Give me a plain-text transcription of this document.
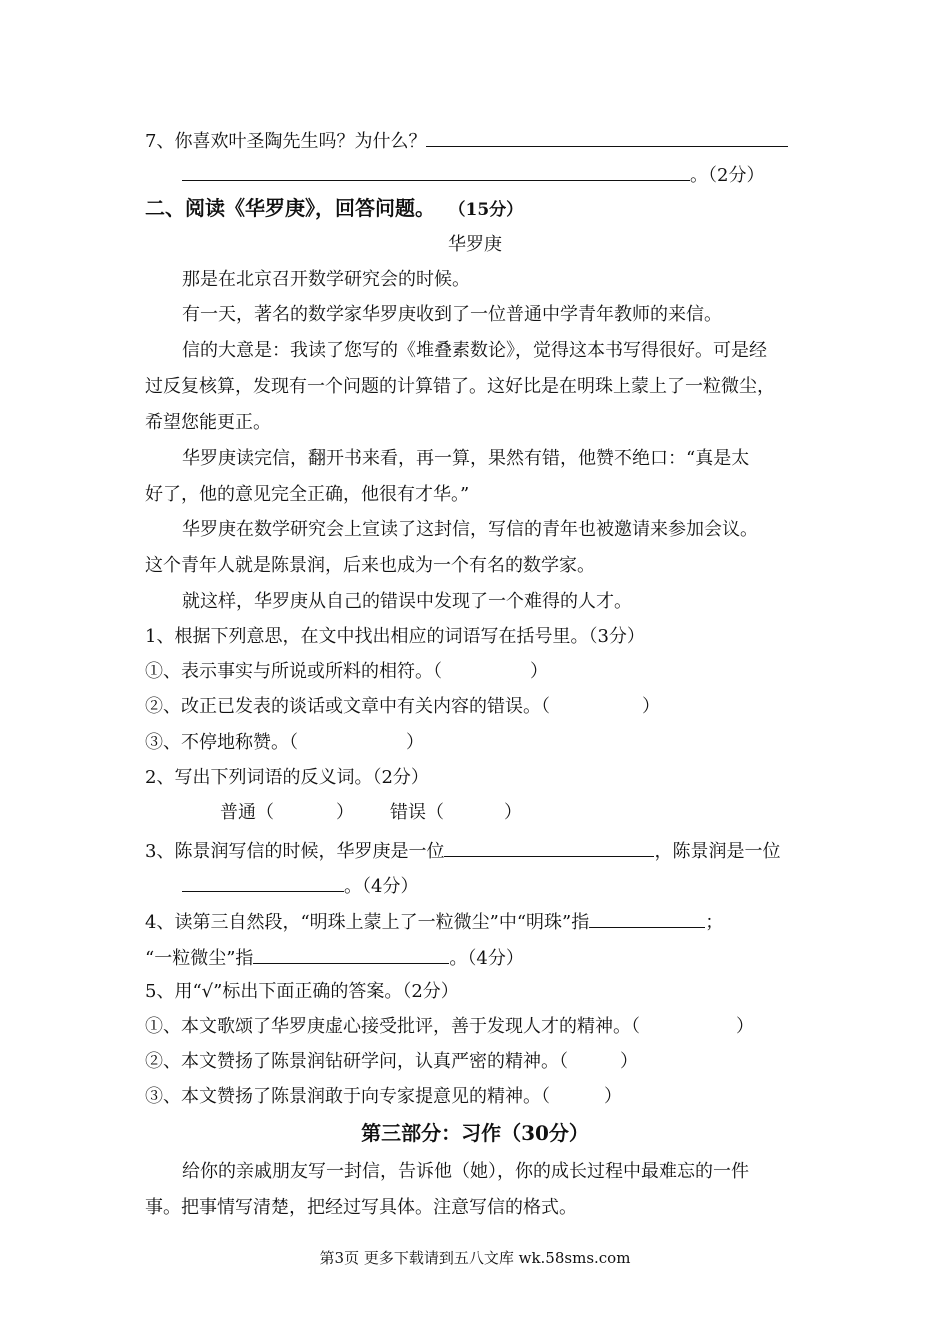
7、你喜欢叶圣陶先生吗？为什么？
。（2分）
二、阅读《华罗庚》，回答问题。 （15分）
华罗庚
那是在北京召开数学研究会的时候。
有一天，著名的数学家华罗庚收到了一位普通中学青年教师的来信。
信的大意是：我读了您写的《堆叠素数论》，觉得这本书写得很好。可是经
过反复核算，发现有一个问题的计算错了。这好比是在明珠上蒙上了一粒微尘，
希望您能更正。
华罗庚读完信，翻开书来看，再一算，果然有错，他赞不绝口：“真是太
好了，他的意见完全正确，他很有才华。”
华罗庚在数学研究会上宣读了这封信，写信的青年也被邀请来参加会议。
这个青年人就是陈景润，后来也成为一个有名的数学家。
就这样，华罗庚从自己的错误中发现了一个难得的人才。
1、根据下列意思，在文中找出相应的词语写在括号里。（3分）
①、表示事实与所说或所料的相符。（	）
②、改正已发表的谈话或文章中有关内容的错误。（	）
③、不停地称赞。（	）
2、写出下列词语的反义词。（2分）
普通（	） 错误（	）
3、陈景润写信的时候，华罗庚是一位	，陈景润是一位
。（4分）
4、读第三自然段，“明珠上蒙上了一粒微尘”中“明珠”指	；
“一粒微尘”指	。（4分）
5、用“√”标出下面正确的答案。（2分）
①、本文歌颂了华罗庚虚心接受批评，善于发现人才的精神。（	）
②、本文赞扬了陈景润钻研学问，认真严密的精神。（	）
③、本文赞扬了陈景润敢于向专家提意见的精神。（	）
第三部分：习作（30分）
给你的亲戚朋友写一封信，告诉他（她），你的成长过程中最难忘的一件
事。把事情写清楚，把经过写具体。注意写信的格式。
第3页 更多下载请到五八文库 wk.58sms.com
